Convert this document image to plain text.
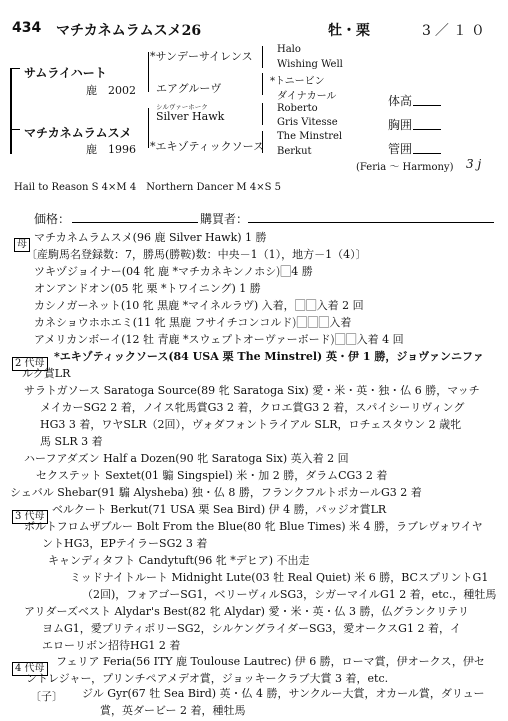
434 マチカネムラムスメ26	牡・栗	3／１０
サムライハート
鹿　2002
マチカネムラムスメ
鹿　1996
*サンデーサイレンス
エアグルーヴ
シルヴァーホーク
Silver Hawk
*エキゾティックソース
Halo
Wishing Well
*トニービン
ダイナカール
Roberto
Gris Vitesse
The Minstrel
Berkut
体高
胸囲
管囲
(Feria ～ Harmony) 3 j
Hail to Reason S 4×M 4　Northern Dancer M 4×S 5
価格：	購買者：
母
マチカネムラムスメ(96 鹿 Silver Hawk) 1 勝
〔産駒馬名登録数：7，勝馬(勝鞍)数：中央－1（1），地方－1（4）〕
ツキヅジョイナー(04 牝 鹿 *マチカネキンノホシ)⃞4 勝
オンアンドオン(05 牝 栗 *トワイニング) 1 勝
カシノガーネット(10 牝 黒鹿 *マイネルラヴ) 入着，⃞⃞入着 2 回
カネショウホホエミ(11 牝 黒鹿 フサイチコンコルド)⃞⃞⃞入着
アメリカンボーイ(12 牡 青鹿 *スウェプトオーヴァーボード)⃞⃞入着 4 回
2 代母
*エキゾティックソース(84 USA 栗 The Minstrel) 英・伊 1 勝，ジョヴァンニファ
ルク賞LR
サラトガソース Saratoga Source(89 牝 Saratoga Six) 愛・米・英・独・仏 6 勝，マッチ
メイカーSG2 2 着，ノイス牝馬賞G3 2 着，クロエ賞G3 2 着，スパイシーリヴィング
HG3 3 着，ワヤSLR（2回），ヴォダフォントライアル SLR，ロチェスタウン 2 歳牝
馬 SLR 3 着
ハーフアダズン Half a Dozen(90 牝 Saratoga Six) 英入着 2 回
セクステット Sextet(01 騸 Singspiel) 米・加 2 勝，ダラムCG3 2 着
シェバル Shebar(91 騸 Alysheba) 独・仏 8 勝，フランクフルトポカールG3 2 着
3 代母
ベルクート Berkut(71 USA 栗 Sea Bird) 伊 4 勝，パッジオ賞LR
ボルトフロムザブルー Bolt From the Blue(80 牝 Blue Times) 米 4 勝，ラブレヴォワイヤ
ントHG3，EPテイラーSG2 3 着
キャンディタフト Candytuft(96 牝 *デヒア) 不出走
ミッドナイトルート Midnight Lute(03 牡 Real Quiet) 米 6 勝，BCスプリントG1
（2回)，フォアゴーSG1，ベリーヴィルSG3，シガーマイルG1 2 着，etc.，種牡馬
アリダーズベスト Alydar's Best(82 牝 Alydar) 愛・米・英・仏 3 勝，仏グランクリテリ
ヨムG1，愛プリティポリーSG2，シルケングライダーSG3，愛オークスG1 2 着，イ
エローリボン招待HG1 2 着
4 代母
フェリア Feria(56 ITY 鹿 Toulouse Lautrec) 伊 6 勝，ローマ賞，伊オークス，伊セ
ントレジャー，プリンチペアメデオ賞，ジョッキークラブ大賞 3 着，etc.
〔子〕 ジル Gyr(67 牡 Sea Bird) 英・仏 4 勝，サンクルー大賞，オカール賞，ダリュー
賞，英ダービー 2 着，種牡馬
